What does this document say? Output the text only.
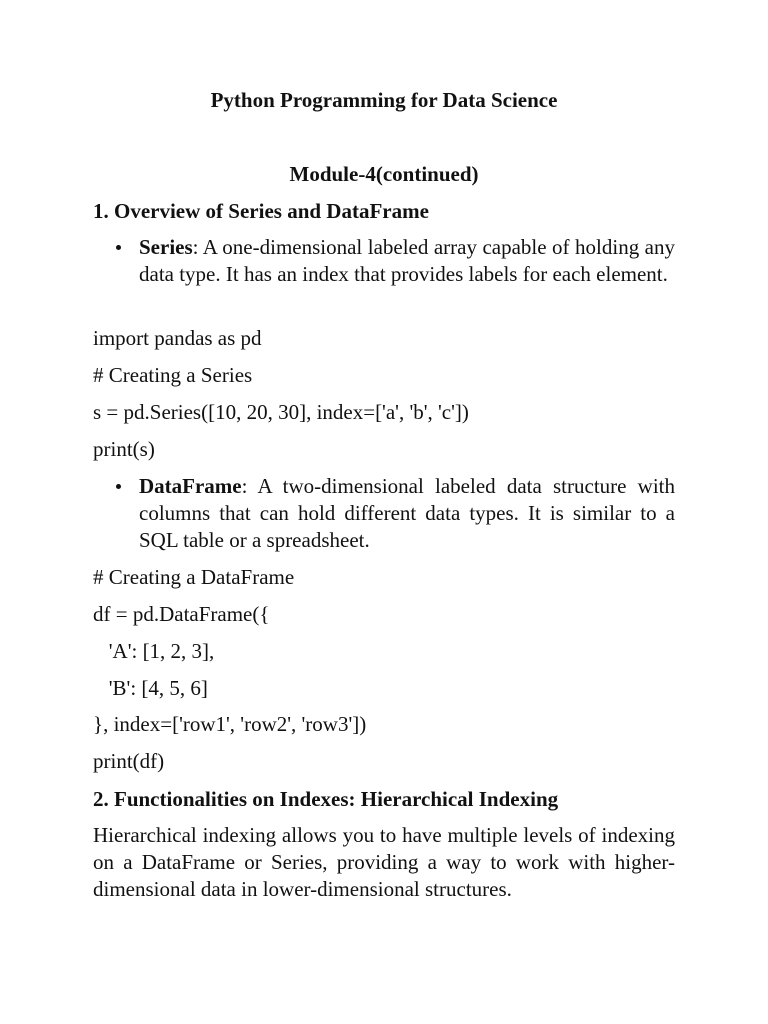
Python Programming for Data Science
Module-4(continued)
1. Overview of Series and DataFrame
Series: A one-dimensional labeled array capable of holding any data type. It has an index that provides labels for each element.
import pandas as pd
# Creating a Series
s = pd.Series([10, 20, 30], index=['a', 'b', 'c'])
print(s)
DataFrame: A two-dimensional labeled data structure with columns that can hold different data types. It is similar to a SQL table or a spreadsheet.
# Creating a DataFrame
df = pd.DataFrame({
'A': [1, 2, 3],
'B': [4, 5, 6]
}, index=['row1', 'row2', 'row3'])
print(df)
2. Functionalities on Indexes: Hierarchical Indexing
Hierarchical indexing allows you to have multiple levels of indexing on a DataFrame or Series, providing a way to work with higher-dimensional data in lower-dimensional structures.
